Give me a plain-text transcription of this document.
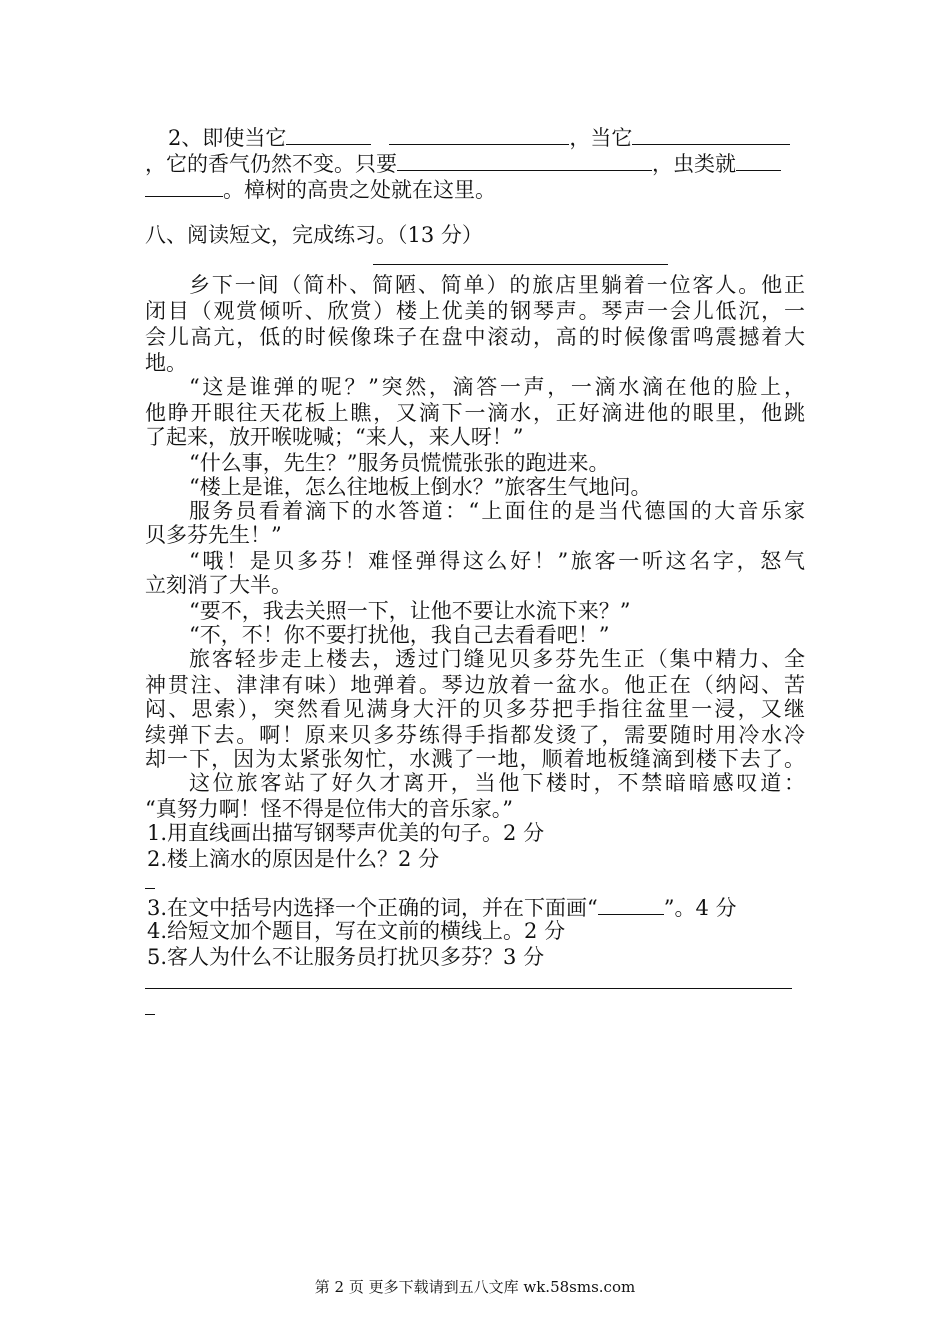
2、即使当它	，当它
，它的香气仍然不变。只要	，虫类就
。樟树的高贵之处就在这里。
八、阅读短文，完成练习。（13 分）
乡下一间（简朴、简陋、简单）的旅店里躺着一位客人。他正
闭目（观赏倾听、欣赏）楼上优美的钢琴声。琴声一会儿低沉，一
会儿高亢，低的时候像珠子在盘中滚动，高的时候像雷鸣震撼着大
地。
“这是谁弹的呢？”突然，滴答一声，一滴水滴在他的脸上，
他睁开眼往天花板上瞧，又滴下一滴水，正好滴进他的眼里，他跳
了起来，放开喉咙喊；“来人，来人呀！”
“什么事，先生？”服务员慌慌张张的跑进来。
“楼上是谁，怎么往地板上倒水？”旅客生气地问。
服务员看着滴下的水答道：“上面住的是当代德国的大音乐家
贝多芬先生！”
“哦！是贝多芬！难怪弹得这么好！”旅客一听这名字，怒气
立刻消了大半。
“要不，我去关照一下，让他不要让水流下来？”
“不，不！你不要打扰他，我自己去看看吧！”
旅客轻步走上楼去，透过门缝见贝多芬先生正（集中精力、全
神贯注、津津有味）地弹着。琴边放着一盆水。他正在（纳闷、苦
闷、思索），突然看见满身大汗的贝多芬把手指往盆里一浸，又继
续弹下去。啊！原来贝多芬练得手指都发烫了，需要随时用冷水冷
却一下，因为太紧张匆忙，水溅了一地，顺着地板缝滴到楼下去了。
这位旅客站了好久才离开，当他下楼时，不禁暗暗感叹道：
“真努力啊！怪不得是位伟大的音乐家。”
1.用直线画出描写钢琴声优美的句子。2 分
2.楼上滴水的原因是什么？2 分
3.在文中括号内选择一个正确的词，并在下面画“	”。4 分
4.给短文加个题目，写在文前的横线上。2 分
5.客人为什么不让服务员打扰贝多芬？3 分
第 2 页 更多下载请到五八文库 wk.58sms.com
